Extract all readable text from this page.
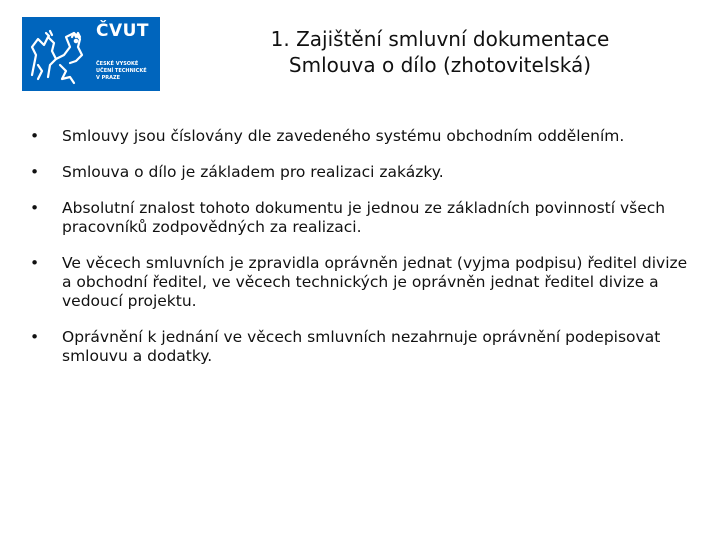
ČVUT
ČESKÉ VYSOKÉ
UČENÍ TECHNICKÉ
V PRAZE
1. Zajištění smluvní dokumentace
Smlouva o dílo (zhotovitelská)
•	Smlouvy jsou číslovány dle zavedeného systému obchodním oddělením.
•	Smlouva o dílo je základem pro realizaci zakázky.
•	Absolutní znalost tohoto dokumentu je jednou ze základních povinností všech pracovníků zodpovědných za realizaci.
•	Ve věcech smluvních je zpravidla oprávněn jednat (vyjma podpisu) ředitel divize a obchodní ředitel, ve věcech technických je oprávněn jednat ředitel divize a vedoucí projektu.
•	Oprávnění k jednání ve věcech smluvních nezahrnuje oprávnění podepisovat smlouvu a dodatky.
